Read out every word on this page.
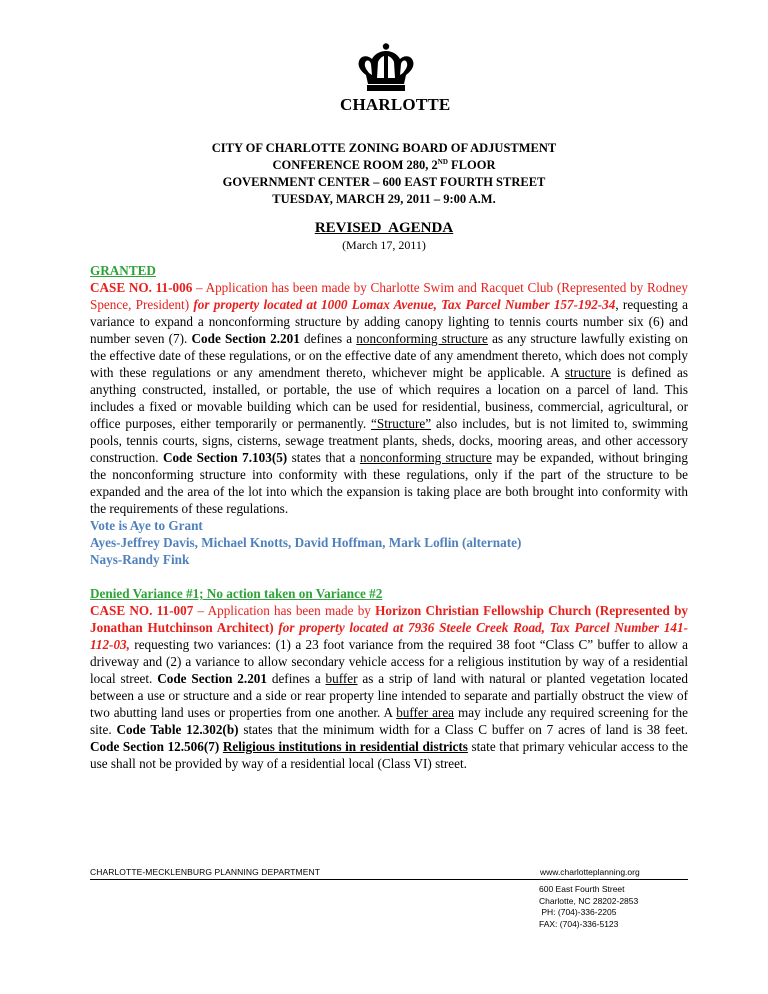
CHARLOTTE
CITY OF CHARLOTTE ZONING BOARD OF ADJUSTMENT
CONFERENCE ROOM 280, 2ND FLOOR
GOVERNMENT CENTER – 600 EAST FOURTH STREET
TUESDAY, MARCH 29, 2011 – 9:00 A.M.
REVISED  AGENDA
(March 17, 2011)
GRANTED
CASE NO. 11-006 – Application has been made by Charlotte Swim and Racquet Club (Represented by Rodney Spence, President) for property located at 1000 Lomax Avenue, Tax Parcel Number 157-192-34, requesting a variance to expand a nonconforming structure by adding canopy lighting to tennis courts number six (6) and number seven (7). Code Section 2.201 defines a nonconforming structure as any structure lawfully existing on the effective date of these regulations, or on the effective date of any amendment thereto, which does not comply with these regulations or any amendment thereto, whichever might be applicable. A structure is defined as anything constructed, installed, or portable, the use of which requires a location on a parcel of land. This includes a fixed or movable building which can be used for residential, business, commercial, agricultural, or office purposes, either temporarily or permanently. “Structure” also includes, but is not limited to, swimming pools, tennis courts, signs, cisterns, sewage treatment plants, sheds, docks, mooring areas, and other accessory construction. Code Section 7.103(5) states that a nonconforming structure may be expanded, without bringing the nonconforming structure into conformity with these regulations, only if the part of the structure to be expanded and the area of the lot into which the expansion is taking place are both brought into conformity with the requirements of these regulations.
Vote is Aye to Grant
Ayes-Jeffrey Davis, Michael Knotts, David Hoffman, Mark Loflin (alternate)
Nays-Randy Fink
Denied Variance #1; No action taken on Variance #2
CASE NO. 11-007 – Application has been made by Horizon Christian Fellowship Church (Represented by Jonathan Hutchinson Architect) for property located at 7936 Steele Creek Road, Tax Parcel Number 141-112-03, requesting two variances: (1) a 23 foot variance from the required 38 foot “Class C” buffer to allow a driveway and (2) a variance to allow secondary vehicle access for a religious institution by way of a residential local street. Code Section 2.201 defines a buffer as a strip of land with natural or planted vegetation located between a use or structure and a side or rear property line intended to separate and partially obstruct the view of two abutting land uses or properties from one another. A buffer area may include any required screening for the site. Code Table 12.302(b) states that the minimum width for a Class C buffer on 7 acres of land is 38 feet. Code Section 12.506(7) Religious institutions in residential districts state that primary vehicular access to the use shall not be provided by way of a residential local (Class VI) street.
CHARLOTTE-MECKLENBURG PLANNING DEPARTMENT	www.charlotteplanning.org
600 East Fourth Street
Charlotte, NC 28202-2853
PH: (704)-336-2205
FAX: (704)-336-5123
